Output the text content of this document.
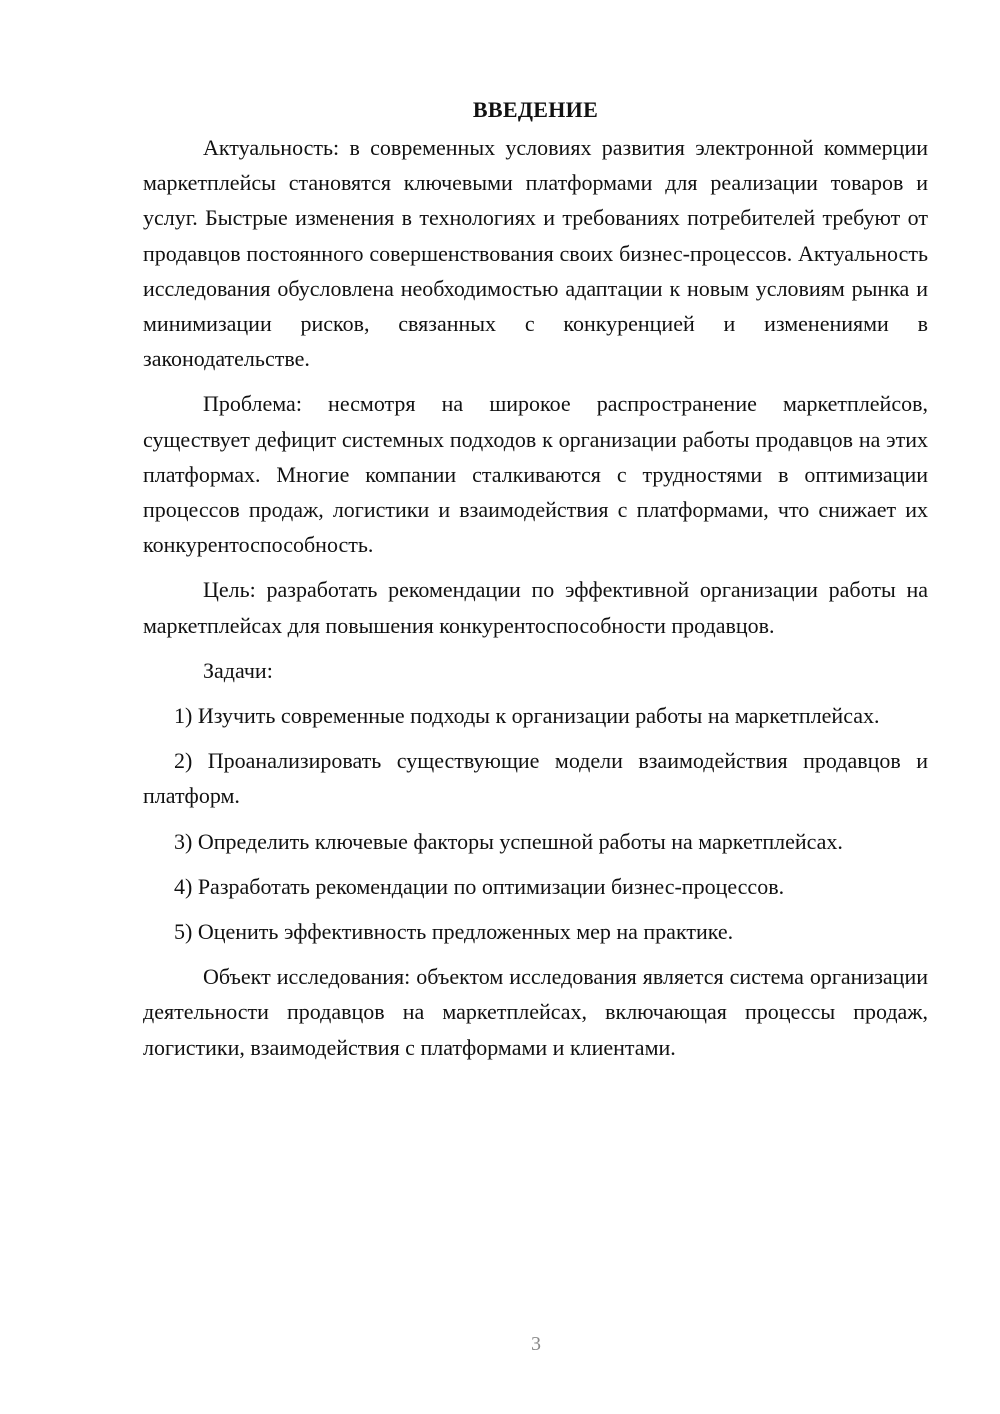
ВВЕДЕНИЕ

Актуальность: в современных условиях развития электронной коммерции маркетплейсы становятся ключевыми платформами для реализации товаров и услуг. Быстрые изменения в технологиях и требованиях потребителей требуют от продавцов постоянного совершенствования своих бизнес-процессов. Актуальность исследования обусловлена необходимостью адаптации к новым условиям рынка и минимизации рисков, связанных с конкуренцией и изменениями в законодательстве.

Проблема: несмотря на широкое распространение маркетплейсов, существует дефицит системных подходов к организации работы продавцов на этих платформах. Многие компании сталкиваются с трудностями в оптимизации процессов продаж, логистики и взаимодействия с платформами, что снижает их конкурентоспособность.

Цель: разработать рекомендации по эффективной организации работы на маркетплейсах для повышения конкурентоспособности продавцов.

Задачи:

1) Изучить современные подходы к организации работы на маркетплейсах.

2) Проанализировать существующие модели взаимодействия продавцов и платформ.

3) Определить ключевые факторы успешной работы на маркетплейсах.

4) Разработать рекомендации по оптимизации бизнес-процессов.

5) Оценить эффективность предложенных мер на практике.

Объект исследования: объектом исследования является система организации деятельности продавцов на маркетплейсах, включающая процессы продаж, логистики, взаимодействия с платформами и клиентами.

3
